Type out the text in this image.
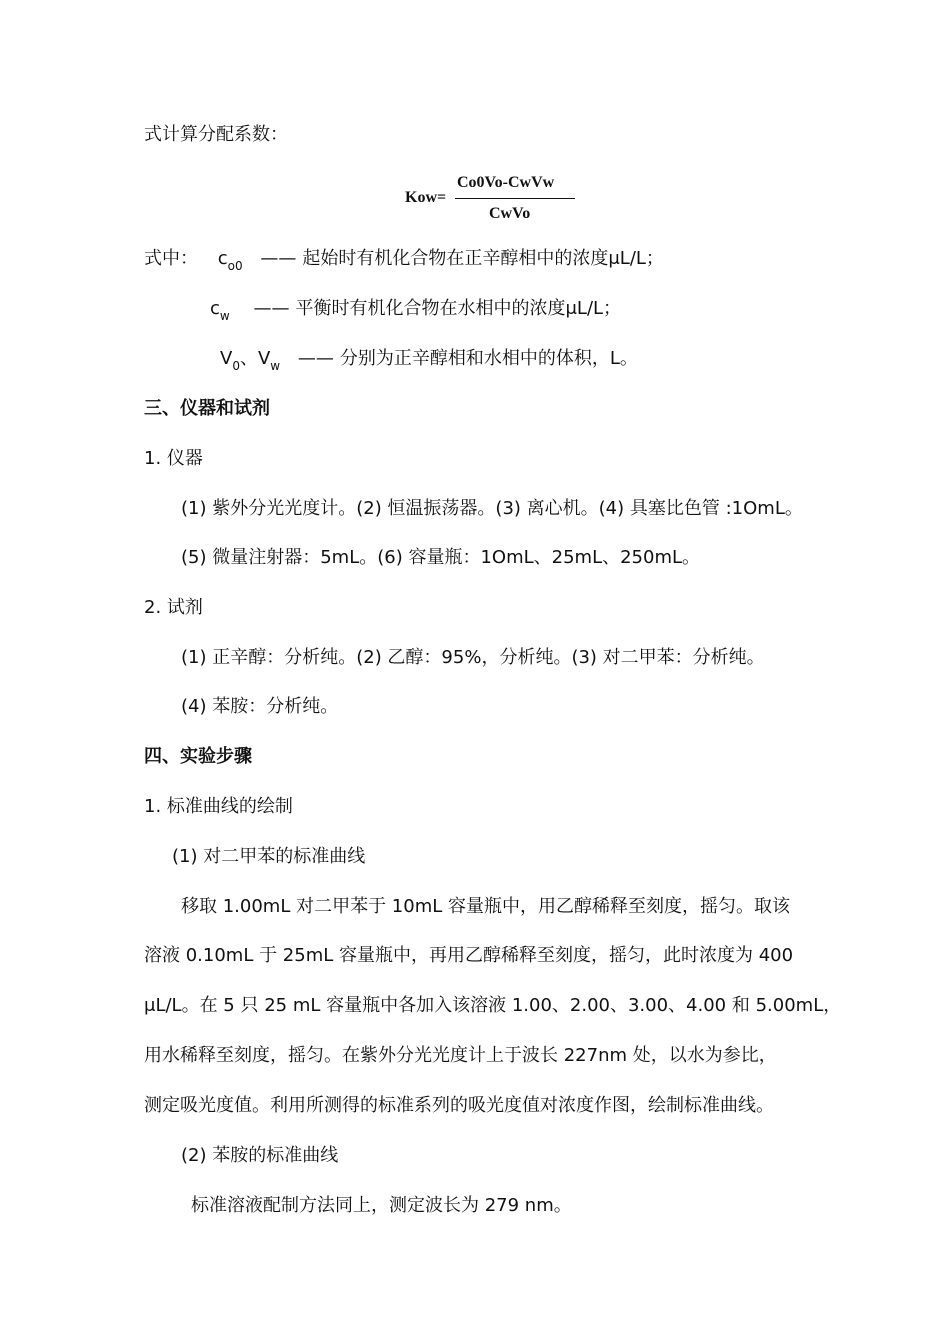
式计算分配系数：
Kow=
Co0Vo-CwVw
CwVo
式中： $c_{o0}$ —— 起始时有机化合物在正辛醇相中的浓度μL/L；
$c_w$ —— 平衡时有机化合物在水相中的浓度μL/L；
$V_0$、$V_w$ —— 分别为正辛醇相和水相中的体积，L。
三、仪器和试剂
1. 仪器
(1) 紫外分光光度计。(2) 恒温振荡器。(3) 离心机。(4) 具塞比色管 :1OmL。
(5) 微量注射器：5mL。(6) 容量瓶：1OmL、25mL、250mL。
2. 试剂
(1) 正辛醇：分析纯。(2) 乙醇：95%，分析纯。(3) 对二甲苯：分析纯。
(4) 苯胺：分析纯。
四、实验步骤
1. 标准曲线的绘制
(1) 对二甲苯的标准曲线
移取 1.00mL 对二甲苯于 10mL 容量瓶中，用乙醇稀释至刻度，摇匀。取该
溶液 0.10mL 于 25mL 容量瓶中，再用乙醇稀释至刻度，摇匀，此时浓度为 400
μL/L。在 5 只 25 mL 容量瓶中各加入该溶液 1.00、2.00、3.00、4.00 和 5.00mL，
用水稀释至刻度，摇匀。在紫外分光光度计上于波长 227nm 处，以水为参比，
测定吸光度值。利用所测得的标准系列的吸光度值对浓度作图，绘制标准曲线。
(2) 苯胺的标准曲线
标准溶液配制方法同上，测定波长为 279 nm。
